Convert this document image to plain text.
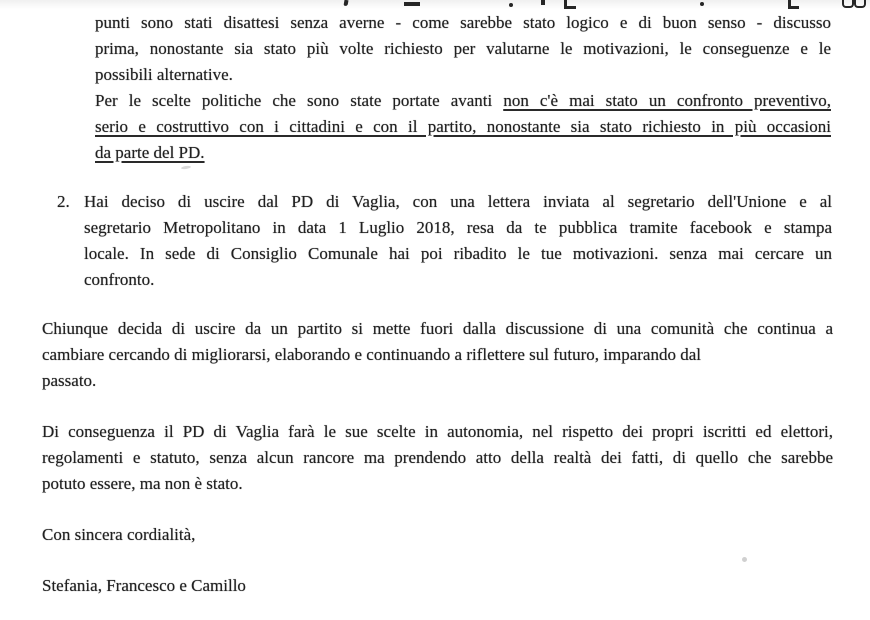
punti sono stati disattesi senza averne - come sarebbe stato logico e di buon senso - discusso
prima, nonostante sia stato più volte richiesto per valutarne le motivazioni, le conseguenze e le
possibili alternative.
Per le scelte politiche che sono state portate avanti non c'è mai stato un confronto preventivo,
serio e costruttivo con i cittadini e con il partito, nonostante sia stato richiesto in più occasioni
da parte del PD.
2. Hai deciso di uscire dal PD di Vaglia, con una lettera inviata al segretario dell'Unione e al
segretario Metropolitano in data 1 Luglio 2018, resa da te pubblica tramite facebook e stampa
locale. In sede di Consiglio Comunale hai poi ribadito le tue motivazioni. senza mai cercare un
confronto.
Chiunque decida di uscire da un partito si mette fuori dalla discussione di una comunità che continua a
cambiare cercando di migliorarsi, elaborando e continuando a riflettere sul futuro, imparando dal
passato.
Di conseguenza il PD di Vaglia farà le sue scelte in autonomia, nel rispetto dei propri iscritti ed elettori,
regolamenti e statuto, senza alcun rancore ma prendendo atto della realtà dei fatti, di quello che sarebbe
potuto essere, ma non è stato.
Con sincera cordialità,
Stefania, Francesco e Camillo
